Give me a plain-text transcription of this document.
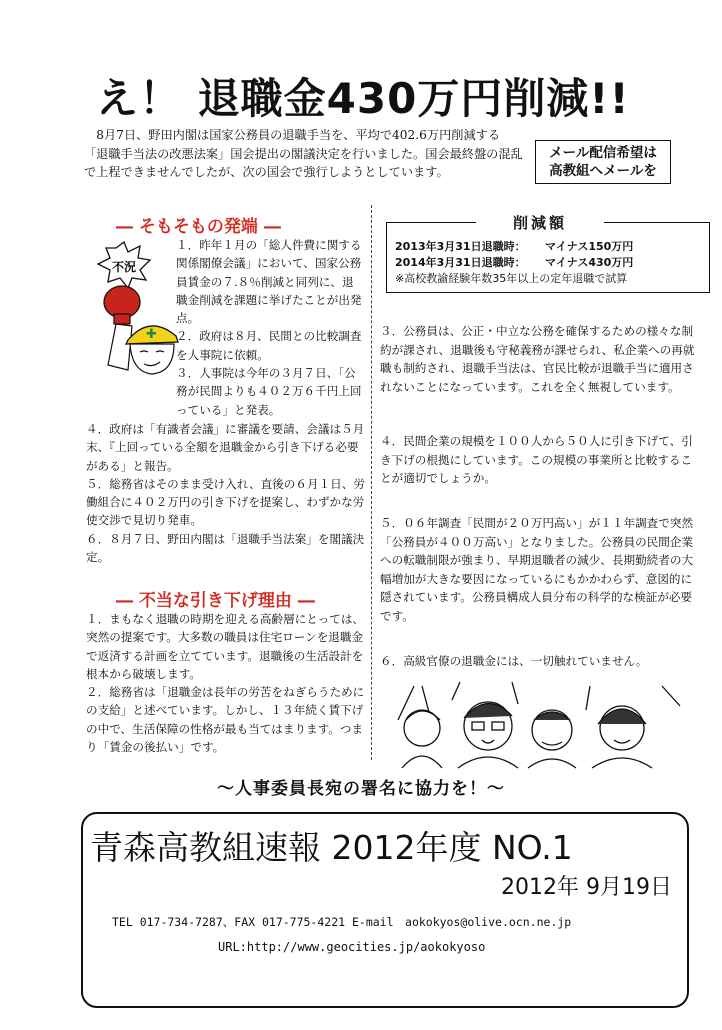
え！ 退職金430万円削減!!

8月7日、野田内閣は国家公務員の退職手当を、平均で402.6万円削減する「退職手当法の改悪法案」国会提出の閣議決定を行いました。国会最終盤の混乱で上程できませんでしたが、次の国会で強行しようとしています。

メール配信希望は
高教組へメールを
― そもそもの発端 ―
不況
✚

１．昨年１月の「総人件費に関する関係閣僚会議」において、国家公務員賃金の７.８％削減と同列に、退職金削減を課題に挙げたことが出発点。

２．政府は８月、民間との比較調査を人事院に依頼。

３．人事院は今年の３月７日、「公務が民間よりも４０２万６千円上回っている」と発表。

４．政府は「有識者会議」に審議を要請、会議は５月末、『上回っている全額を退職金から引き下げる必要がある」と報告。

５．総務省はそのまま受け入れ、直後の６月１日、労働組合に４０２万円の引き下げを提案し、わずかな労使交渉で見切り発車。

６．８月７日、野田内閣は「退職手当法案」を閣議決定。

― 不当な引き下げ理由 ―

１．まもなく退職の時期を迎える高齢層にとっては、突然の提案です。大多数の職員は住宅ローンを退職金で返済する計画を立てています。退職後の生活設計を根本から破壊します。

２．総務省は「退職金は長年の労苦をねぎらうためにの支給」と述べています。しかし、１３年続く賃下げの中で、生活保障の性格が最も当てはまります。つまり「賃金の後払い」です。

2013年3月31日退職時：	マイナス150万円
2014年3月31日退職時：	マイナス430万円
※高校教諭経験年数35年以上の定年退職で試算
削減額

３．公務員は、公正・中立な公務を確保するための様々な制約が課され、退職後も守秘義務が課せられ、私企業への再就職も制約され、退職手当法は、官民比較が退職手当に適用されないことになっています。これを全く無視しています。

４．民間企業の規模を１００人から５０人に引き下げて、引き下げの根拠にしています。この規模の事業所と比較することが適切でしょうか。

５．０６年調査「民間が２０万円高い」が１１年調査で突然「公務員が４００万高い」となりました。公務員の民間企業への転職制限が強まり、早期退職者の減少、長期勤続者の大幅増加が大きな要因になっているにもかかわらず、意図的に隠されています。公務員構成人員分布の科学的な検証が必要です。

６．高級官僚の退職金には、一切触れていません。

～人事委員長宛の署名に協力を！～
青森高教組速報 2012年度 NO.1
2012年 9月19日
TEL 017-734-7287、FAX 017-775-4221 E-mail　aokokyos@olive.ocn.ne.jp
URL:http://www.geocities.jp/aokokyoso
